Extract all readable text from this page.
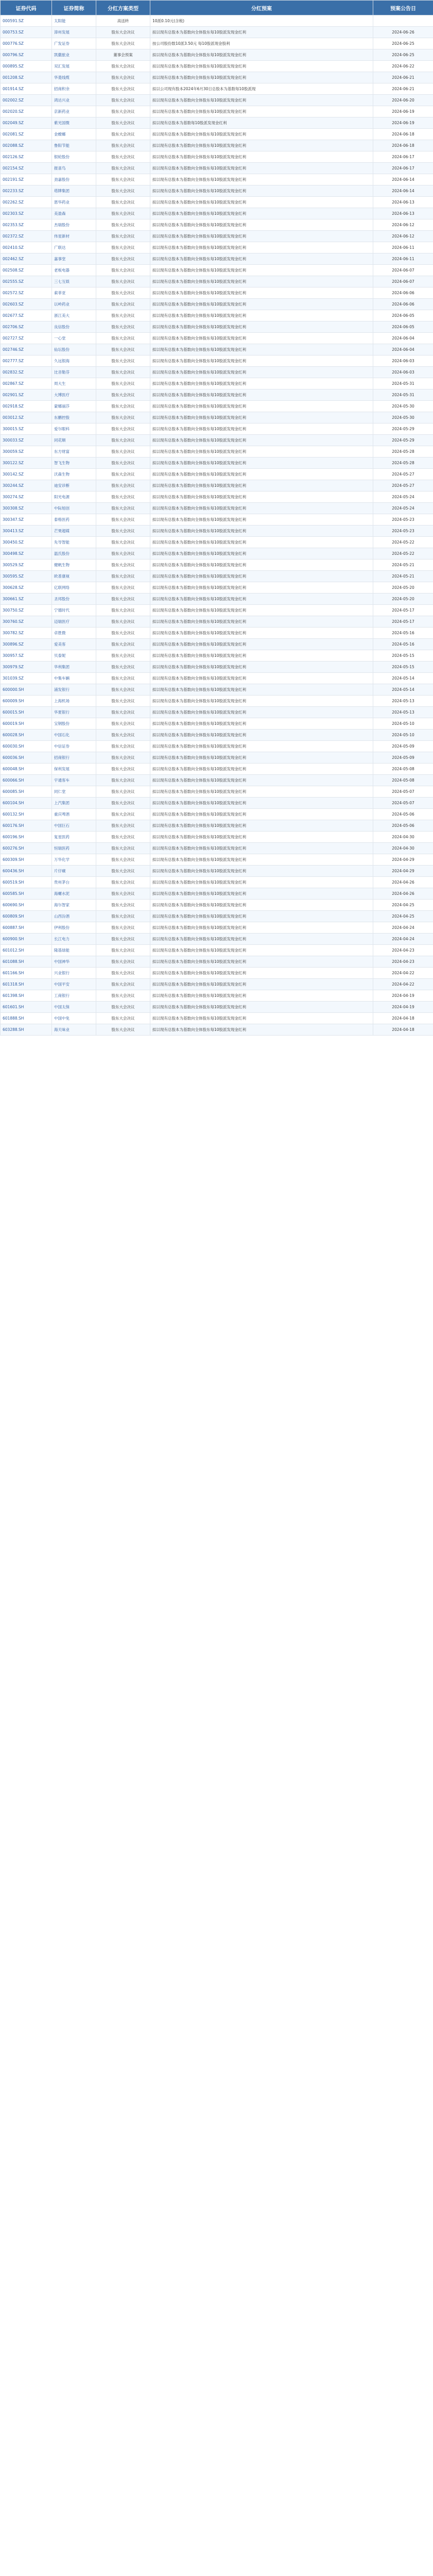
证券代码	证券简称	分红方案类型	分红预案	预案公告日
000591.SZ	太阳能	高送转	10派0.10元(含税)	
000753.SZ	漳州发展	股东大会决议	拟以现有总股本为基数向全体股东每10股派发现金红利	2024-06-26
000776.SZ	广发证券	股东大会决议	按公司股份数10派3.50元 每10股派现金股利	2024-06-25
000796.SZ	凯撒旅业	董事会预案	拟以现有总股本为基数向全体股东每10股派发现金红利	2024-06-25
000895.SZ	双汇发展	股东大会决议	拟以现有总股本为基数向全体股东每10股派发现金红利	2024-06-22
001208.SZ	华菱线缆	股东大会决议	拟以现有总股本为基数向全体股东每10股派发现金红利	2024-06-21
001914.SZ	招商积余	股东大会决议	拟以公司现有股本2024年6月30日总股本为基数每10股派现	2024-06-21
002002.SZ	鸿达兴业	股东大会决议	拟以现有总股本为基数向全体股东每10股派发现金红利	2024-06-20
002020.SZ	京新药业	股东大会决议	拟以现有总股本为基数向全体股东每10股派发现金红利	2024-06-19
002049.SZ	紫光国微	股东大会决议	拟以现有总股本为基数每10股派发现金红利	2024-06-19
002081.SZ	金螳螂	股东大会决议	拟以现有总股本为基数向全体股东每10股派发现金红利	2024-06-18
002088.SZ	鲁阳节能	股东大会决议	拟以现有总股本为基数向全体股东每10股派发现金红利	2024-06-18
002126.SZ	银轮股份	股东大会决议	拟以现有总股本为基数向全体股东每10股派发现金红利	2024-06-17
002154.SZ	报喜鸟	股东大会决议	拟以现有总股本为基数向全体股东每10股派发现金红利	2024-06-17
002191.SZ	劲嘉股份	股东大会决议	拟以现有总股本为基数向全体股东每10股派发现金红利	2024-06-14
002233.SZ	塔牌集团	股东大会决议	拟以现有总股本为基数向全体股东每10股派发现金红利	2024-06-14
002262.SZ	恩华药业	股东大会决议	拟以现有总股本为基数向全体股东每10股派发现金红利	2024-06-13
002303.SZ	美盈森	股东大会决议	拟以现有总股本为基数向全体股东每10股派发现金红利	2024-06-13
002353.SZ	杰瑞股份	股东大会决议	拟以现有总股本为基数向全体股东每10股派发现金红利	2024-06-12
002372.SZ	伟星新材	股东大会决议	拟以现有总股本为基数向全体股东每10股派发现金红利	2024-06-12
002410.SZ	广联达	股东大会决议	拟以现有总股本为基数向全体股东每10股派发现金红利	2024-06-11
002462.SZ	嘉事堂	股东大会决议	拟以现有总股本为基数向全体股东每10股派发现金红利	2024-06-11
002508.SZ	老板电器	股东大会决议	拟以现有总股本为基数向全体股东每10股派发现金红利	2024-06-07
002555.SZ	三七互娱	股东大会决议	拟以现有总股本为基数向全体股东每10股派发现金红利	2024-06-07
002572.SZ	索菲亚	股东大会决议	拟以现有总股本为基数向全体股东每10股派发现金红利	2024-06-06
002603.SZ	以岭药业	股东大会决议	拟以现有总股本为基数向全体股东每10股派发现金红利	2024-06-06
002677.SZ	浙江美大	股东大会决议	拟以现有总股本为基数向全体股东每10股派发现金红利	2024-06-05
002706.SZ	良信股份	股东大会决议	拟以现有总股本为基数向全体股东每10股派发现金红利	2024-06-05
002727.SZ	一心堂	股东大会决议	拟以现有总股本为基数向全体股东每10股派发现金红利	2024-06-04
002746.SZ	仙坛股份	股东大会决议	拟以现有总股本为基数向全体股东每10股派发现金红利	2024-06-04
002777.SZ	久远银海	股东大会决议	拟以现有总股本为基数向全体股东每10股派发现金红利	2024-06-03
002832.SZ	比音勒芬	股东大会决议	拟以现有总股本为基数向全体股东每10股派发现金红利	2024-06-03
002867.SZ	周大生	股东大会决议	拟以现有总股本为基数向全体股东每10股派发现金红利	2024-05-31
002901.SZ	大博医疗	股东大会决议	拟以现有总股本为基数向全体股东每10股派发现金红利	2024-05-31
002918.SZ	蒙娜丽莎	股东大会决议	拟以现有总股本为基数向全体股东每10股派发现金红利	2024-05-30
003012.SZ	东鹏控股	股东大会决议	拟以现有总股本为基数向全体股东每10股派发现金红利	2024-05-30
300015.SZ	爱尔眼科	股东大会决议	拟以现有总股本为基数向全体股东每10股派发现金红利	2024-05-29
300033.SZ	同花顺	股东大会决议	拟以现有总股本为基数向全体股东每10股派发现金红利	2024-05-29
300059.SZ	东方财富	股东大会决议	拟以现有总股本为基数向全体股东每10股派发现金红利	2024-05-28
300122.SZ	智飞生物	股东大会决议	拟以现有总股本为基数向全体股东每10股派发现金红利	2024-05-28
300142.SZ	沃森生物	股东大会决议	拟以现有总股本为基数向全体股东每10股派发现金红利	2024-05-27
300244.SZ	迪安诊断	股东大会决议	拟以现有总股本为基数向全体股东每10股派发现金红利	2024-05-27
300274.SZ	阳光电源	股东大会决议	拟以现有总股本为基数向全体股东每10股派发现金红利	2024-05-24
300308.SZ	中际旭创	股东大会决议	拟以现有总股本为基数向全体股东每10股派发现金红利	2024-05-24
300347.SZ	泰格医药	股东大会决议	拟以现有总股本为基数向全体股东每10股派发现金红利	2024-05-23
300413.SZ	芒果超媒	股东大会决议	拟以现有总股本为基数向全体股东每10股派发现金红利	2024-05-23
300450.SZ	先导智能	股东大会决议	拟以现有总股本为基数向全体股东每10股派发现金红利	2024-05-22
300498.SZ	温氏股份	股东大会决议	拟以现有总股本为基数向全体股东每10股派发现金红利	2024-05-22
300529.SZ	健帆生物	股东大会决议	拟以现有总股本为基数向全体股东每10股派发现金红利	2024-05-21
300595.SZ	欧普康视	股东大会决议	拟以现有总股本为基数向全体股东每10股派发现金红利	2024-05-21
300628.SZ	亿联网络	股东大会决议	拟以现有总股本为基数向全体股东每10股派发现金红利	2024-05-20
300661.SZ	圣邦股份	股东大会决议	拟以现有总股本为基数向全体股东每10股派发现金红利	2024-05-20
300750.SZ	宁德时代	股东大会决议	拟以现有总股本为基数向全体股东每10股派发现金红利	2024-05-17
300760.SZ	迈瑞医疗	股东大会决议	拟以现有总股本为基数向全体股东每10股派发现金红利	2024-05-17
300782.SZ	卓胜微	股东大会决议	拟以现有总股本为基数向全体股东每10股派发现金红利	2024-05-16
300896.SZ	爱美客	股东大会决议	拟以现有总股本为基数向全体股东每10股派发现金红利	2024-05-16
300957.SZ	贝泰妮	股东大会决议	拟以现有总股本为基数向全体股东每10股派发现金红利	2024-05-15
300979.SZ	华利集团	股东大会决议	拟以现有总股本为基数向全体股东每10股派发现金红利	2024-05-15
301039.SZ	中集车辆	股东大会决议	拟以现有总股本为基数向全体股东每10股派发现金红利	2024-05-14
600000.SH	浦发银行	股东大会决议	拟以现有总股本为基数向全体股东每10股派发现金红利	2024-05-14
600009.SH	上海机场	股东大会决议	拟以现有总股本为基数向全体股东每10股派发现金红利	2024-05-13
600015.SH	华夏银行	股东大会决议	拟以现有总股本为基数向全体股东每10股派发现金红利	2024-05-13
600019.SH	宝钢股份	股东大会决议	拟以现有总股本为基数向全体股东每10股派发现金红利	2024-05-10
600028.SH	中国石化	股东大会决议	拟以现有总股本为基数向全体股东每10股派发现金红利	2024-05-10
600030.SH	中信证券	股东大会决议	拟以现有总股本为基数向全体股东每10股派发现金红利	2024-05-09
600036.SH	招商银行	股东大会决议	拟以现有总股本为基数向全体股东每10股派发现金红利	2024-05-09
600048.SH	保利发展	股东大会决议	拟以现有总股本为基数向全体股东每10股派发现金红利	2024-05-08
600066.SH	宇通客车	股东大会决议	拟以现有总股本为基数向全体股东每10股派发现金红利	2024-05-08
600085.SH	同仁堂	股东大会决议	拟以现有总股本为基数向全体股东每10股派发现金红利	2024-05-07
600104.SH	上汽集团	股东大会决议	拟以现有总股本为基数向全体股东每10股派发现金红利	2024-05-07
600132.SH	重庆啤酒	股东大会决议	拟以现有总股本为基数向全体股东每10股派发现金红利	2024-05-06
600176.SH	中国巨石	股东大会决议	拟以现有总股本为基数向全体股东每10股派发现金红利	2024-05-06
600196.SH	复星医药	股东大会决议	拟以现有总股本为基数向全体股东每10股派发现金红利	2024-04-30
600276.SH	恒瑞医药	股东大会决议	拟以现有总股本为基数向全体股东每10股派发现金红利	2024-04-30
600309.SH	万华化学	股东大会决议	拟以现有总股本为基数向全体股东每10股派发现金红利	2024-04-29
600436.SH	片仔癀	股东大会决议	拟以现有总股本为基数向全体股东每10股派发现金红利	2024-04-29
600519.SH	贵州茅台	股东大会决议	拟以现有总股本为基数向全体股东每10股派发现金红利	2024-04-26
600585.SH	海螺水泥	股东大会决议	拟以现有总股本为基数向全体股东每10股派发现金红利	2024-04-26
600690.SH	海尔智家	股东大会决议	拟以现有总股本为基数向全体股东每10股派发现金红利	2024-04-25
600809.SH	山西汾酒	股东大会决议	拟以现有总股本为基数向全体股东每10股派发现金红利	2024-04-25
600887.SH	伊利股份	股东大会决议	拟以现有总股本为基数向全体股东每10股派发现金红利	2024-04-24
600900.SH	长江电力	股东大会决议	拟以现有总股本为基数向全体股东每10股派发现金红利	2024-04-24
601012.SH	隆基绿能	股东大会决议	拟以现有总股本为基数向全体股东每10股派发现金红利	2024-04-23
601088.SH	中国神华	股东大会决议	拟以现有总股本为基数向全体股东每10股派发现金红利	2024-04-23
601166.SH	兴业银行	股东大会决议	拟以现有总股本为基数向全体股东每10股派发现金红利	2024-04-22
601318.SH	中国平安	股东大会决议	拟以现有总股本为基数向全体股东每10股派发现金红利	2024-04-22
601398.SH	工商银行	股东大会决议	拟以现有总股本为基数向全体股东每10股派发现金红利	2024-04-19
601601.SH	中国太保	股东大会决议	拟以现有总股本为基数向全体股东每10股派发现金红利	2024-04-19
601888.SH	中国中免	股东大会决议	拟以现有总股本为基数向全体股东每10股派发现金红利	2024-04-18
603288.SH	海天味业	股东大会决议	拟以现有总股本为基数向全体股东每10股派发现金红利	2024-04-18
